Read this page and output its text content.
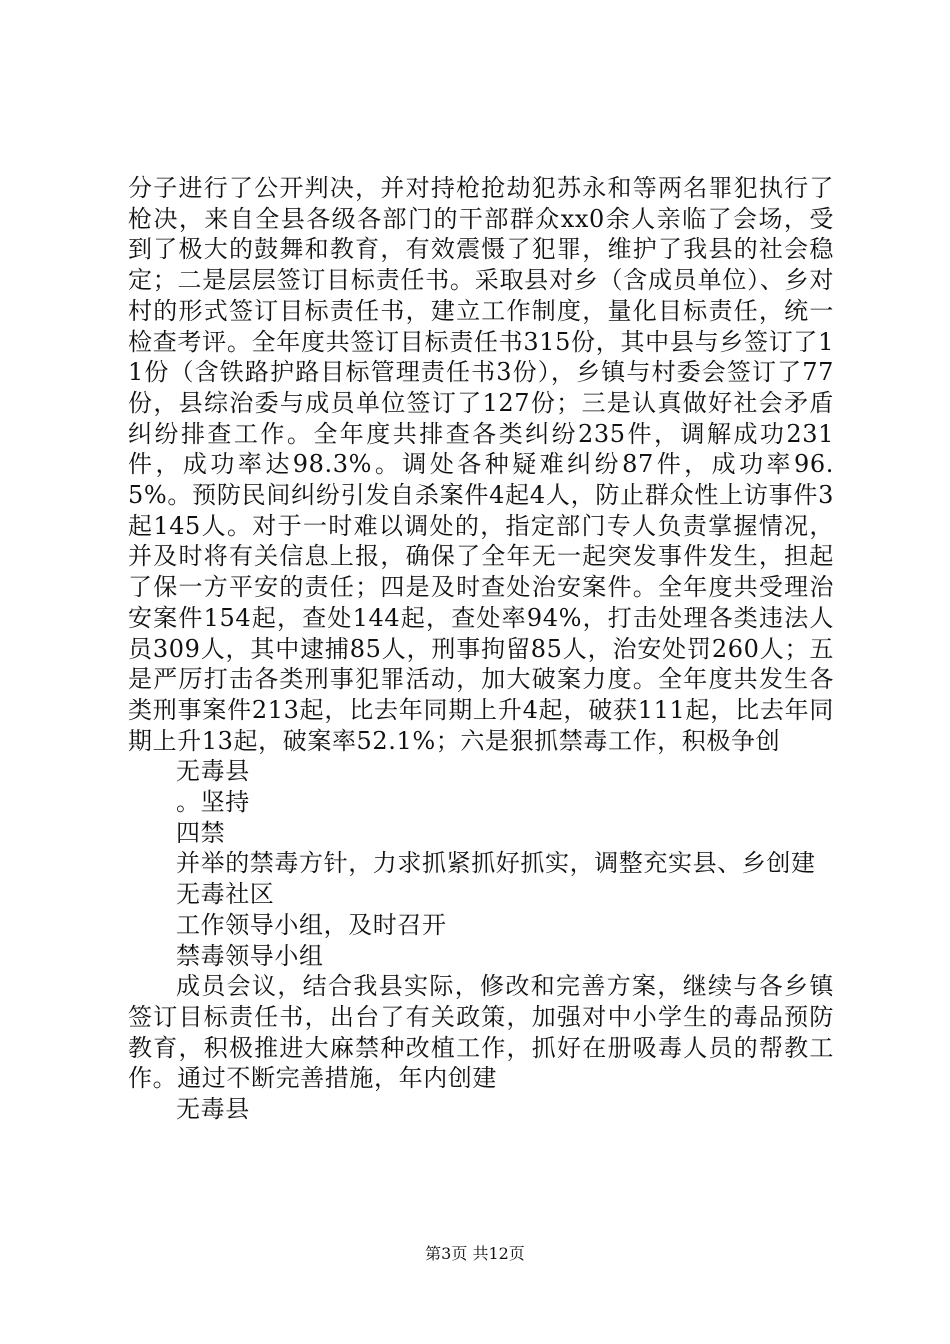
分子进行了公开判决，并对持枪抢劫犯苏永和等两名罪犯执行了枪决，来自全县各级各部门的干部群众xx0余人亲临了会场，受到了极大的鼓舞和教育，有效震慑了犯罪，维护了我县的社会稳定；二是层层签订目标责任书。采取县对乡（含成员单位）、乡对村的形式签订目标责任书，建立工作制度，量化目标责任，统一检查考评。全年度共签订目标责任书315份，其中县与乡签订了11份（含铁路护路目标管理责任书3份），乡镇与村委会签订了77份，县综治委与成员单位签订了127份；三是认真做好社会矛盾纠纷排查工作。全年度共排查各类纠纷235件，调解成功231件，成功率达98.3%。调处各种疑难纠纷87件，成功率96.5%。预防民间纠纷引发自杀案件4起4人，防止群众性上访事件3起145人。对于一时难以调处的，指定部门专人负责掌握情况，并及时将有关信息上报，确保了全年无一起突发事件发生，担起了保一方平安的责任；四是及时查处治安案件。全年度共受理治安案件154起，查处144起，查处率94%，打击处理各类违法人员309人，其中逮捕85人，刑事拘留85人，治安处罚260人；五是严厉打击各类刑事犯罪活动，加大破案力度。全年度共发生各类刑事案件213起，比去年同期上升4起，破获111起，比去年同期上升13起，破案率52.1%；六是狠抓禁毒工作，积极争创

无毒县

。坚持

四禁

并举的禁毒方针，力求抓紧抓好抓实，调整充实县、乡创建

无毒社区

工作领导小组，及时召开

禁毒领导小组

成员会议，结合我县实际，修改和完善方案，继续与各乡镇签订目标责任书，出台了有关政策，加强对中小学生的毒品预防教育，积极推进大麻禁种改植工作，抓好在册吸毒人员的帮教工作。通过不断完善措施，年内创建

无毒县

第3页 共12页
